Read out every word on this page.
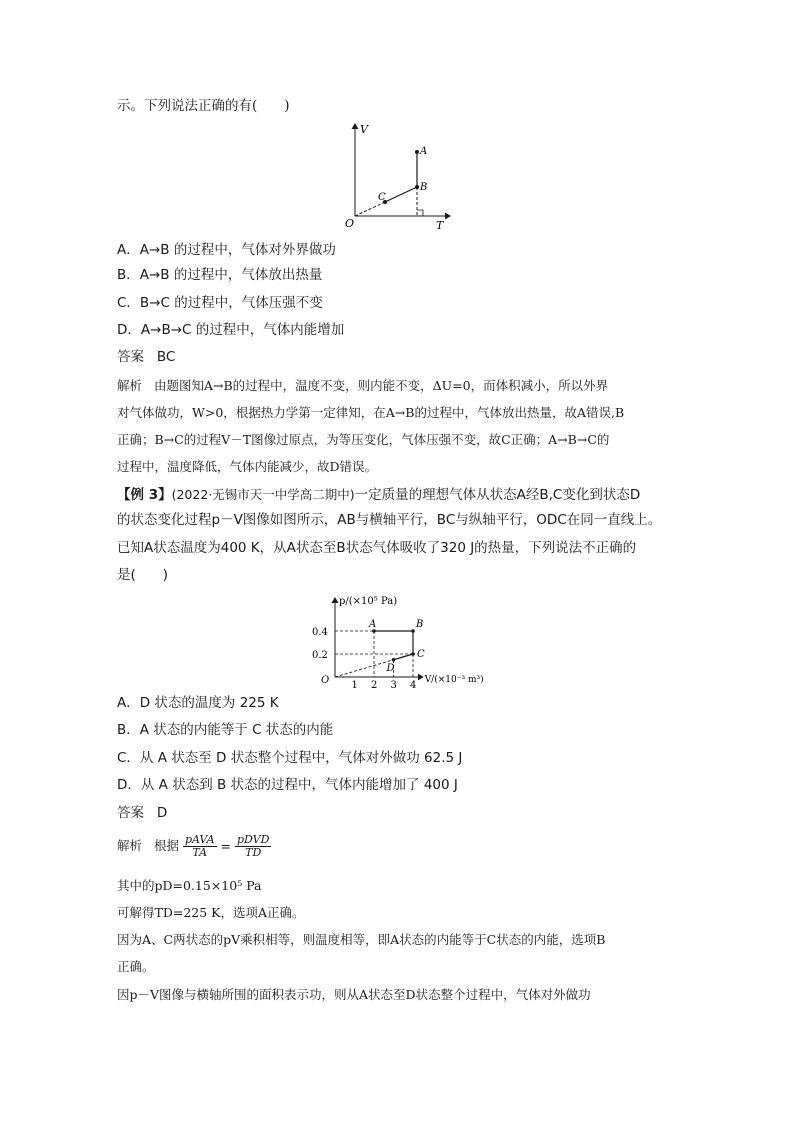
示。下列说法正确的有(　　)
V
T
O
A
B
C
A．A→B 的过程中，气体对外界做功
B．A→B 的过程中，气体放出热量
C．B→C 的过程中，气体压强不变
D．A→B→C 的过程中，气体内能增加
答案 BC
解析 由题图知A→B的过程中，温度不变，则内能不变，ΔU=0，而体积减小，所以外界
对气体做功，W>0，根据热力学第一定律知，在A→B的过程中，气体放出热量，故A错误,B
正确；B→C的过程V－T图像过原点，为等压变化，气体压强不变，故C正确；A→B→C的
过程中，温度降低，气体内能减少，故D错误。
【例 3】(2022·无锡市天一中学高二期中)一定质量的理想气体从状态A经B,C变化到状态D
的状态变化过程p－V图像如图所示，AB与横轴平行，BC与纵轴平行，ODC在同一直线上。
已知A状态温度为400 K，从A状态至B状态气体吸收了320 J的热量，下列说法不正确的
是(　　)
p/(×10⁵ Pa)
V/(×10⁻³ m³)
O 1 2 3 4
0.2
0.4
A	B
C
D
A．D 状态的温度为 225 K
B．A 状态的内能等于 C 状态的内能
C．从 A 状态至 D 状态整个过程中，气体对外做功 62.5 J
D．从 A 状态到 B 状态的过程中，气体内能增加了 400 J
答案 D
解析 根据 $\frac{\text{pAVA}}{TA} = \frac{\text{pDVD}}{TD}$
其中的pD=0.15×10⁵ Pa
可解得TD=225 K，选项A正确。
因为A、C两状态的pV乘积相等，则温度相等，即A状态的内能等于C状态的内能，选项B
正确。
因p－V图像与横轴所围的面积表示功，则从A状态至D状态整个过程中，气体对外做功
